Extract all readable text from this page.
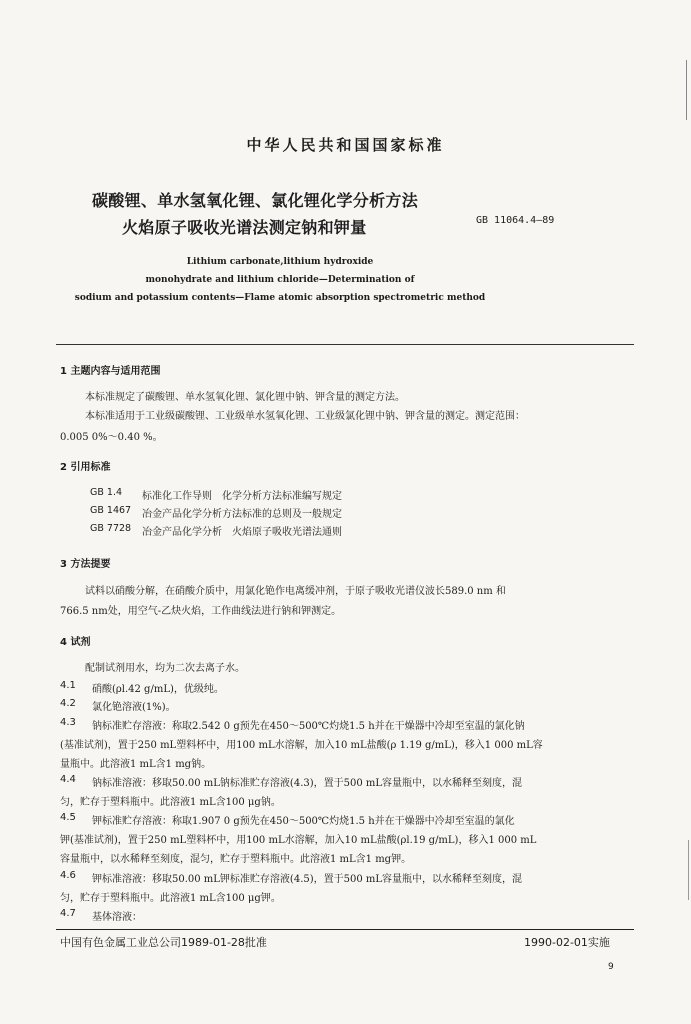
中华人民共和国国家标准
碳酸锂、单水氢氧化锂、氯化锂化学分析方法
火焰原子吸收光谱法测定钠和钾量	GB 11064.4—89
Lithium carbonate,lithium hydroxide
monohydrate and lithium chloride—Determination of
sodium and potassium contents—Flame atomic absorption spectrometric method
1 主题内容与适用范围
本标准规定了碳酸锂、单水氢氧化锂、氯化锂中钠、钾含量的测定方法。
本标准适用于工业级碳酸锂、工业级单水氢氧化锂、工业级氯化锂中钠、钾含量的测定。测定范围：
0.005 0%～0.40 %。
2 引用标准
GB 1.4 标准化工作导则　化学分析方法标准编写规定
GB 1467 冶金产品化学分析方法标准的总则及一般规定
GB 7728 冶金产品化学分析　火焰原子吸收光谱法通则
3 方法提要
试料以硝酸分解，在硝酸介质中，用氯化铯作电离缓冲剂，于原子吸收光谱仪波长589.0 nm 和
766.5 nm处，用空气-乙炔火焰，工作曲线法进行钠和钾测定。
4 试剂
配制试剂用水，均为二次去离子水。
4.1 硝酸(ρl.42 g/mL)，优级纯。
4.2 氯化铯溶液(1%)。
4.3 钠标准贮存溶液：称取2.542 0 g预先在450～500℃灼烧1.5 h并在干燥器中冷却至室温的氯化钠
(基准试剂)，置于250 mL塑料杯中，用100 mL水溶解，加入10 mL盐酸(ρ 1.19 g/mL)，移入1 000 mL容
量瓶中。此溶液1 mL含1 mg钠。
4.4 钠标准溶液：移取50.00 mL钠标准贮存溶液(4.3)，置于500 mL容量瓶中，以水稀释至刻度，混
匀，贮存于塑料瓶中。此溶液1 mL含100 μg钠。
4.5 钾标准贮存溶液：称取1.907 0 g预先在450～500℃灼烧1.5 h并在干燥器中冷却至室温的氯化
钾(基准试剂)，置于250 mL塑料杯中，用100 mL水溶解，加入10 mL盐酸(ρl.19 g/mL)，移入1 000 mL
容量瓶中，以水稀释至刻度，混匀，贮存于塑料瓶中。此溶液1 mL含1 mg钾。
4.6 钾标准溶液：移取50.00 mL钾标准贮存溶液(4.5)，置于500 mL容量瓶中，以水稀释至刻度，混
匀，贮存于塑料瓶中。此溶液1 mL含100 μg钾。
4.7 基体溶液：
中国有色金属工业总公司1989-01-28批准	1990-02-01实施
9
